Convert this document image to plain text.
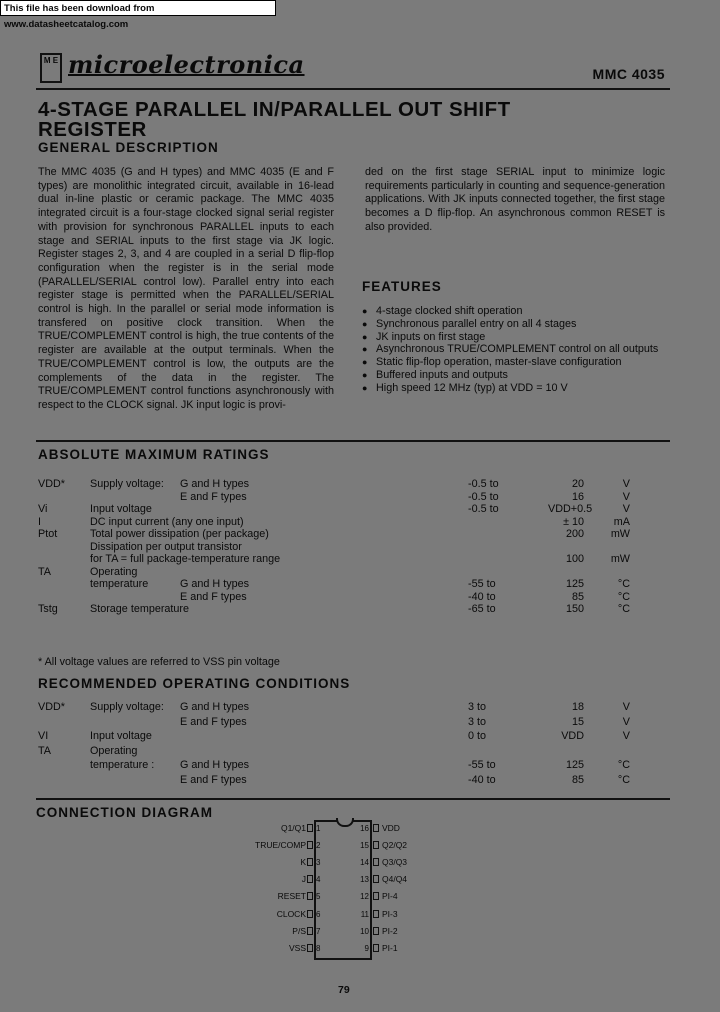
This file has been download from www.datasheetcatalog.com
M E microelectronica	MMC 4035
4-STAGE PARALLEL IN/PARALLEL OUT SHIFT
REGISTER
GENERAL DESCRIPTION
The MMC 4035 (G and H types) and MMC 4035 (E and F types) are monolithic integrated circuit, available in 16-lead dual in-line plastic or ceramic package. The MMC 4035 integrated circuit is a four-stage clocked signal serial register with provision for synchronous PARALLEL inputs to each stage and SERIAL inputs to the first stage via JK logic. Register stages 2, 3, and 4 are coupled in a serial D flip-flop configuration when the register is in the serial mode (PARALLEL/SERIAL control low). Parallel entry into each register stage is permitted when the PARALLEL/SERIAL control is high. In the parallel or serial mode information is transfered on positive clock transition. When the TRUE/COMPLEMENT control is high, the true contents of the register are available at the output terminals. When the TRUE/COMPLEMENT control is low, the outputs are the complements of the data in the register. The TRUE/COMPLEMENT control functions asynchronously with respect to the CLOCK signal. JK input logic is provi-
ded on the first stage SERIAL input to minimize logic requirements particularly in counting and sequence-generation applications. With JK inputs connected together, the first stage becomes a D flip-flop. An asynchronous common RESET is also provided.
FEATURES
● 4-stage clocked shift operation
● Synchronous parallel entry on all 4 stages
● JK inputs on first stage
● Asynchronous TRUE/COMPLEMENT control on all outputs
● Static flip-flop operation, master-slave configuration
● Buffered inputs and outputs
● High speed 12 MHz (typ) at VDD = 10 V
ABSOLUTE MAXIMUM RATINGS
VDD* Supply voltage: G and H types	-0.5 to	20	V
E and F types	-0.5 to	16	V
Vi	Input voltage	-0.5 to	VDD+0.5	V
I	DC input current (any one input)	± 10	mA
Ptot	Total power dissipation (per package)	200 mW
Dissipation per output transistor
for TA = full package-temperature range	100 mW
TA	Operating
temperature	G and H types	-55 to	125	°C
E and F types	-40 to	85	°C
Tstg	Storage temperature	-65 to	150	°C
* All voltage values are referred to VSS pin voltage
RECOMMENDED OPERATING CONDITIONS
VDD* Supply voltage: G and H types	3 to	18	V
E and F types	3 to	15	V
VI	Input voltage	0 to	VDD	V
TA	Operating
temperature : G and H types	-55 to	125	°C
E and F types	-40 to	85	°C
CONNECTION DIAGRAM
Q1/Q1 1
TRUE/COMP 2
K 3
J 4
RESET 5
CLOCK 6
P/S 7
VSS 8
16 VDD
15 Q2/Q2
14 Q3/Q3
13 Q4/Q4
12 PI-4
11 PI-3
10 PI-2
9 PI-1
79
